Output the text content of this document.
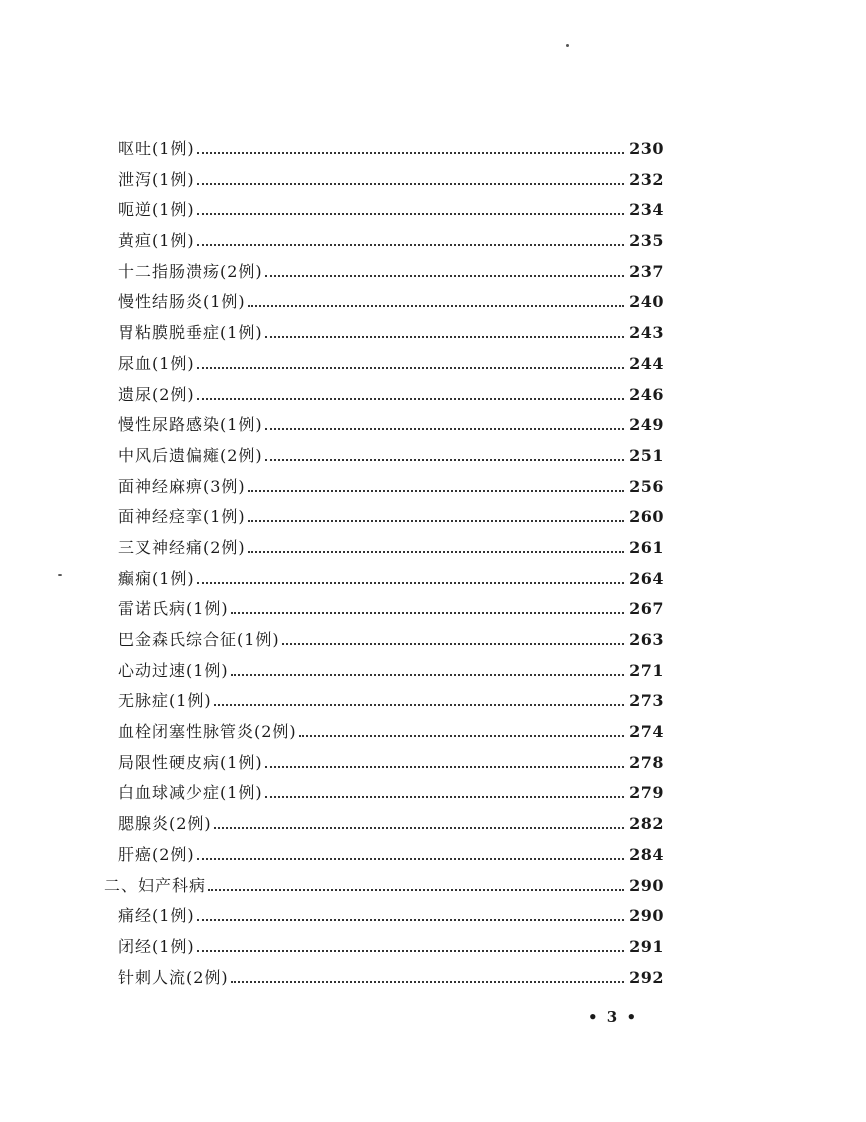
呕吐(1例)	230
泄泻(1例)	232
呃逆(1例)	234
黄疸(1例)	235
十二指肠溃疡(2例)	237
慢性结肠炎(1例)	240
胃粘膜脱垂症(1例)	243
尿血(1例)	244
遗尿(2例)	246
慢性尿路感染(1例)	249
中风后遗偏瘫(2例)	251
面神经麻痹(3例)	256
面神经痉挛(1例)	260
三叉神经痛(2例)	261
癫痫(1例)	264
雷诺氏病(1例)	267
巴金森氏综合征(1例)	263
心动过速(1例)	271
无脉症(1例)	273
血栓闭塞性脉管炎(2例)	274
局限性硬皮病(1例)	278
白血球减少症(1例)	279
腮腺炎(2例)	282
肝癌(2例)	284
二、妇产科病	290
痛经(1例)	290
闭经(1例)	291
针刺人流(2例)	292
• 3 •
